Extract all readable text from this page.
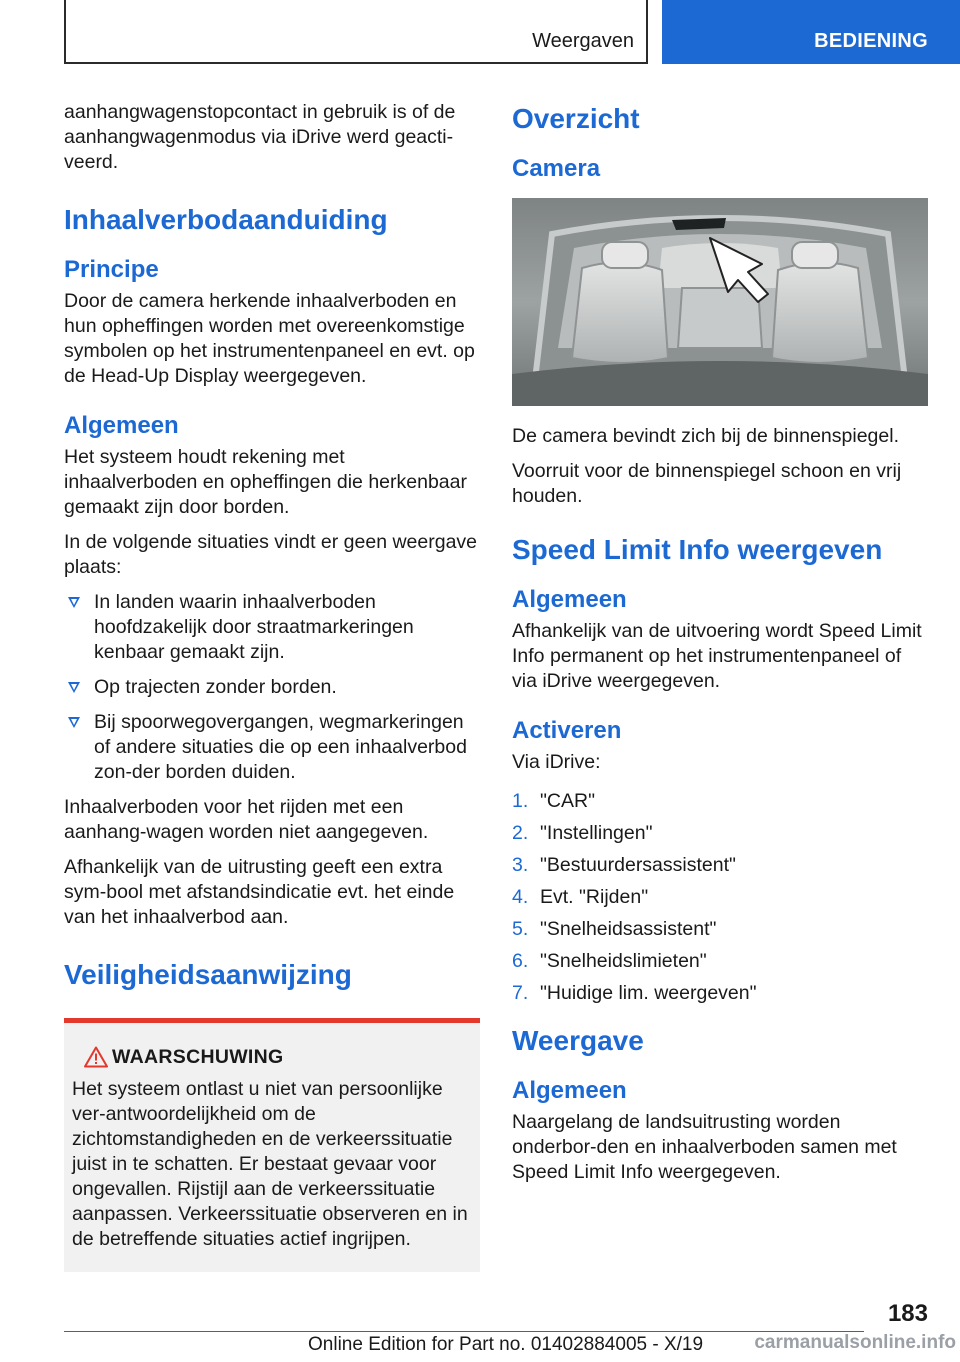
Weergaven	BEDIENING

aanhangwagenstopcontact in gebruik is of de aanhangwagenmodus via iDrive werd geacti-veerd.

Inhaalverbodaanduiding
Principe

Door de camera herkende inhaalverboden en hun opheffingen worden met overeenkomstige symbolen op het instrumentenpaneel en evt. op de Head-Up Display weergegeven.

Algemeen

Het systeem houdt rekening met inhaalverboden en opheffingen die herkenbaar gemaakt zijn door borden.

In de volgende situaties vindt er geen weergave plaats:

In landen waarin inhaalverboden hoofdzakelijk door straatmarkeringen kenbaar gemaakt zijn.
Op trajecten zonder borden.
Bij spoorwegovergangen, wegmarkeringen of andere situaties die op een inhaalverbod zon-der borden duiden.

Inhaalverboden voor het rijden met een aanhang-wagen worden niet aangegeven.

Afhankelijk van de uitrusting geeft een extra sym-bool met afstandsindicatie evt. het einde van het inhaalverbod aan.

Veiligheidsaanwijzing
WAARSCHUWING

Het systeem ontlast u niet van persoonlijke ver-antwoordelijkheid om de zichtomstandigheden en de verkeerssituatie juist in te schatten. Er bestaat gevaar voor ongevallen. Rijstijl aan de verkeerssituatie aanpassen. Verkeerssituatie observeren en in de betreffende situaties actief ingrijpen.

Overzicht
Camera

De camera bevindt zich bij de binnenspiegel.

Voorruit voor de binnenspiegel schoon en vrij houden.

Speed Limit Info weergeven
Algemeen

Afhankelijk van de uitvoering wordt Speed Limit Info permanent op het instrumentenpaneel of via iDrive weergegeven.

Activeren

Via iDrive:

1. "CAR"
2. "Instellingen"
3. "Bestuurdersassistent"
4. Evt. "Rijden"
5. "Snelheidsassistent"
6. "Snelheidslimieten"
7. "Huidige lim. weergeven"
Weergave
Algemeen

Naargelang de landsuitrusting worden onderbor-den en inhaalverboden samen met Speed Limit Info weergegeven.

183
Online Edition for Part no. 01402884005 - X/19	carmanualsonline.info
